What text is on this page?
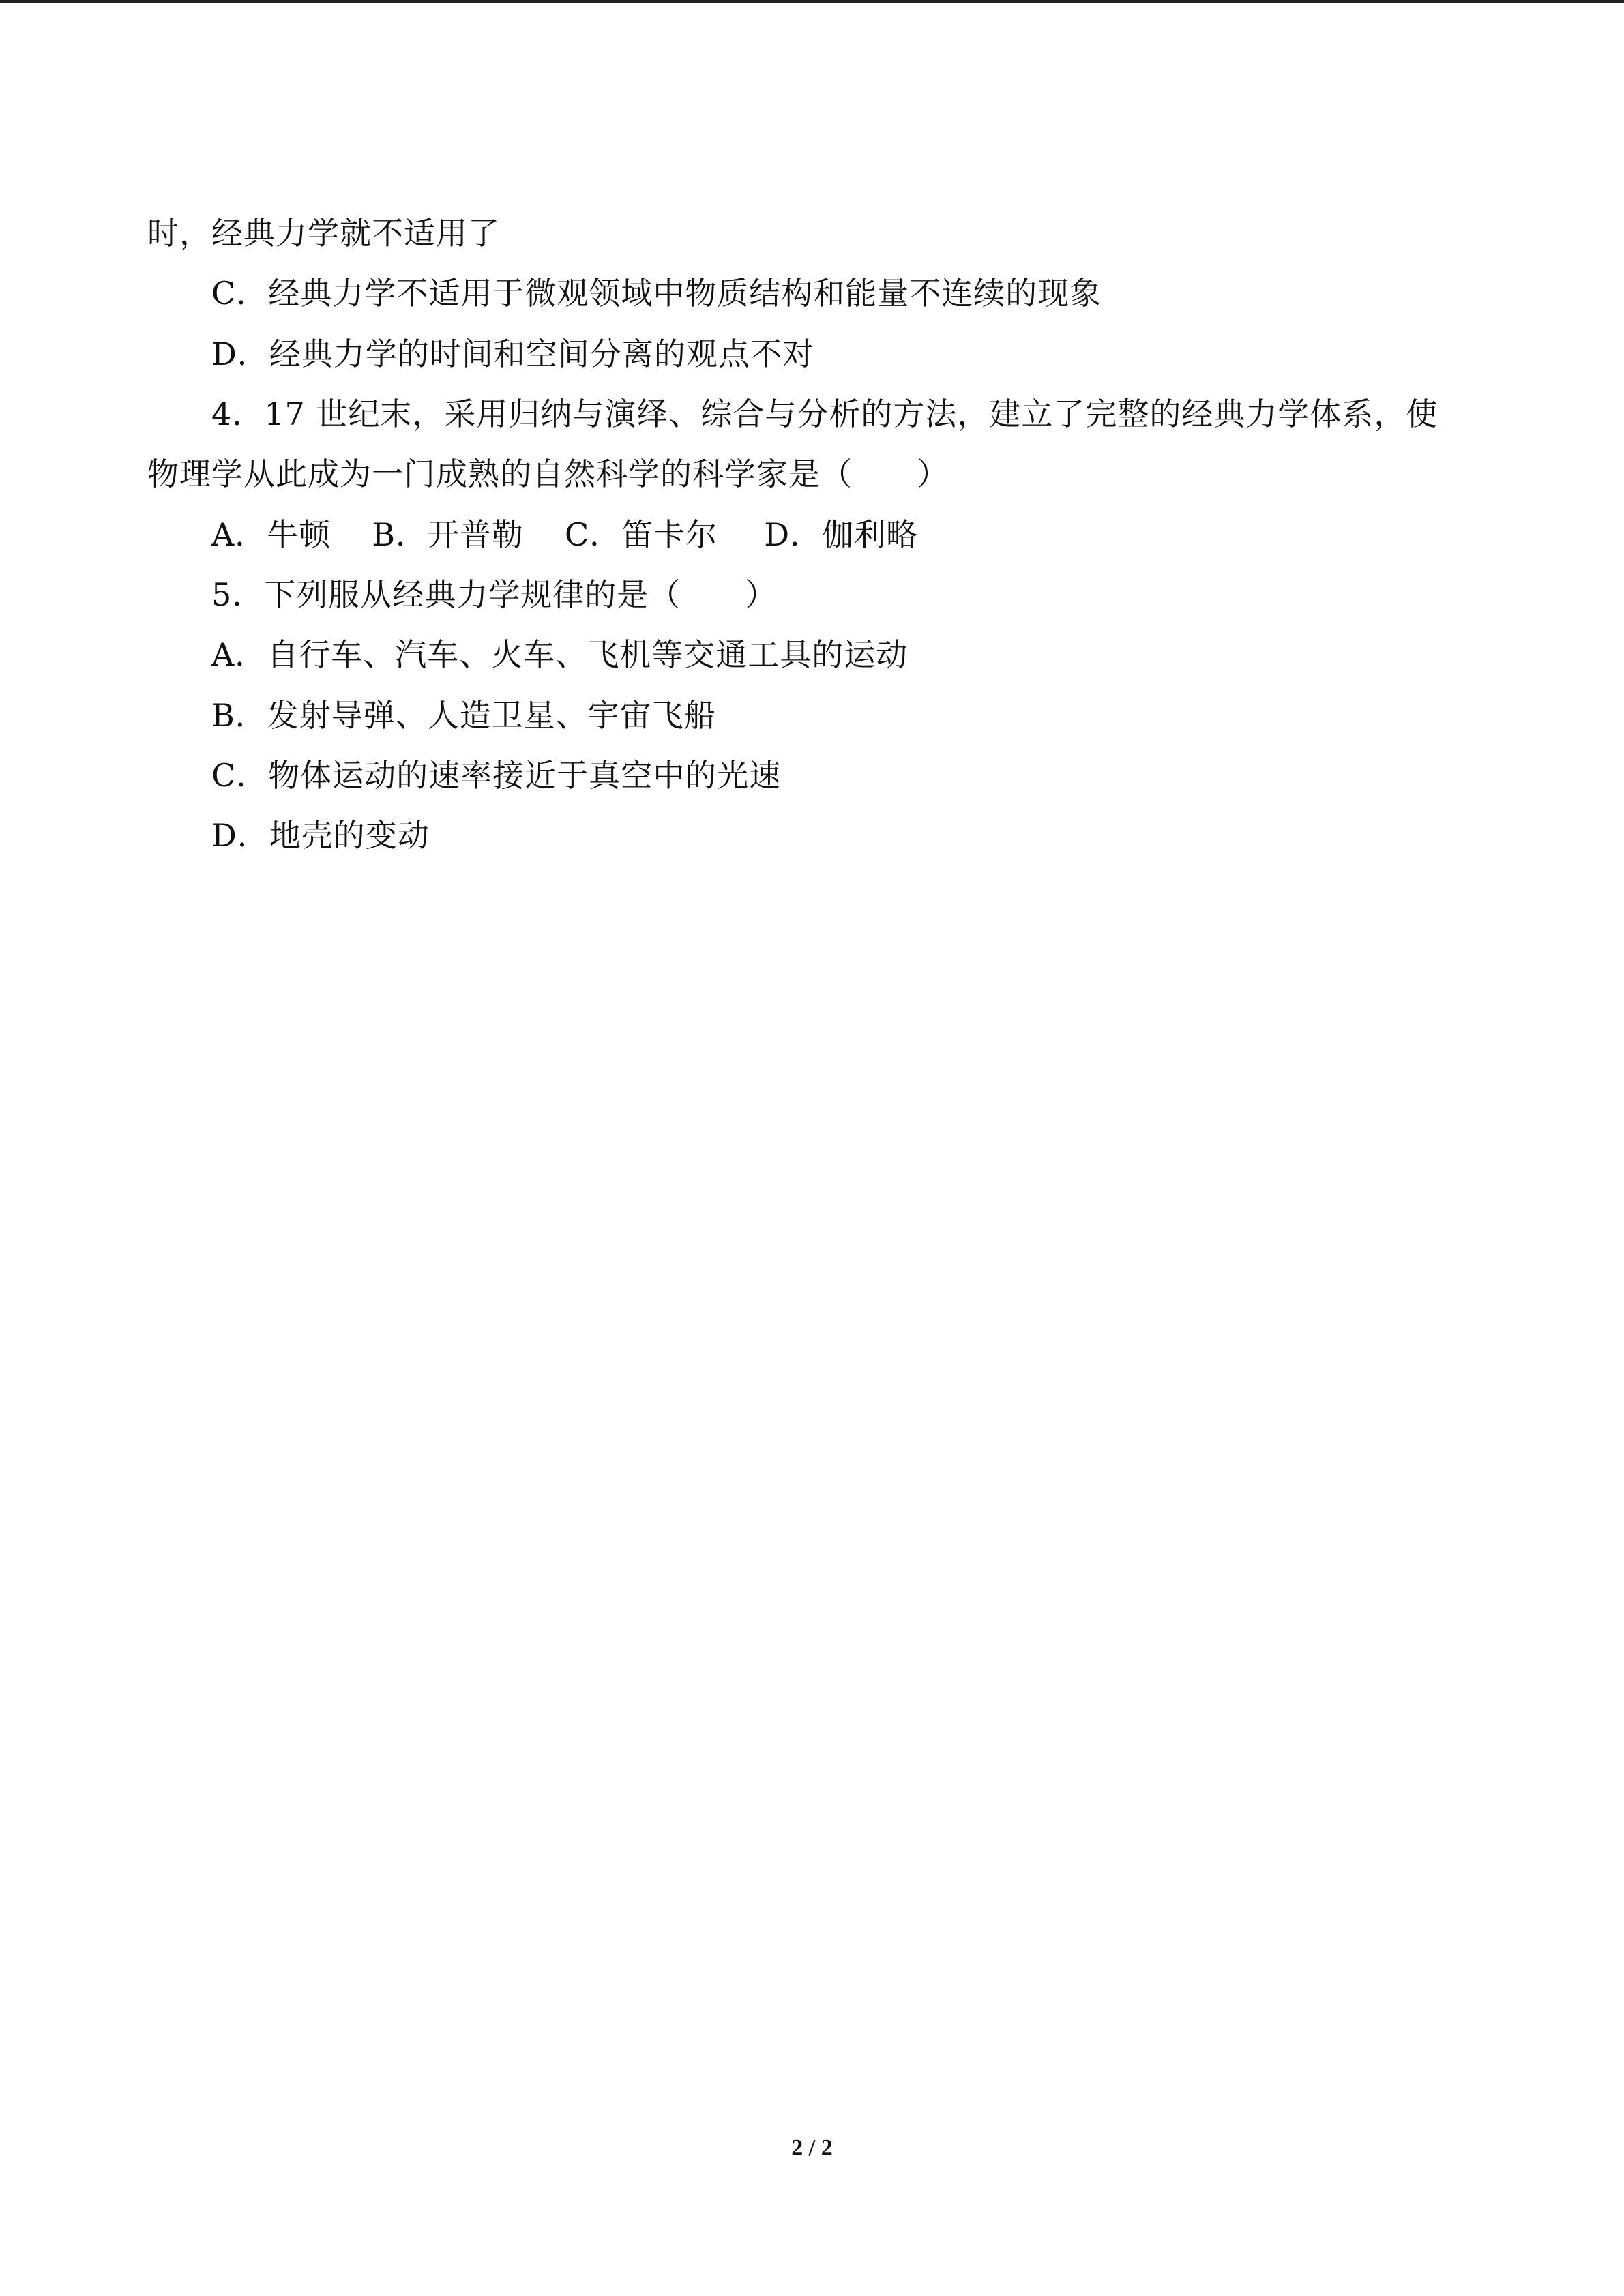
时，经典力学就不适用了
C．经典力学不适用于微观领域中物质结构和能量不连续的现象
D．经典力学的时间和空间分离的观点不对
4．17 世纪末，采用归纳与演绎、综合与分析的方法，建立了完整的经典力学体系，使
物理学从此成为一门成熟的自然科学的科学家是（　　）
A．牛顿 B．开普勒 C．笛卡尔 D．伽利略
5．下列服从经典力学规律的是（　　）
A．自行车、汽车、火车、飞机等交通工具的运动
B．发射导弹、人造卫星、宇宙飞船
C．物体运动的速率接近于真空中的光速
D．地壳的变动
2 / 2
